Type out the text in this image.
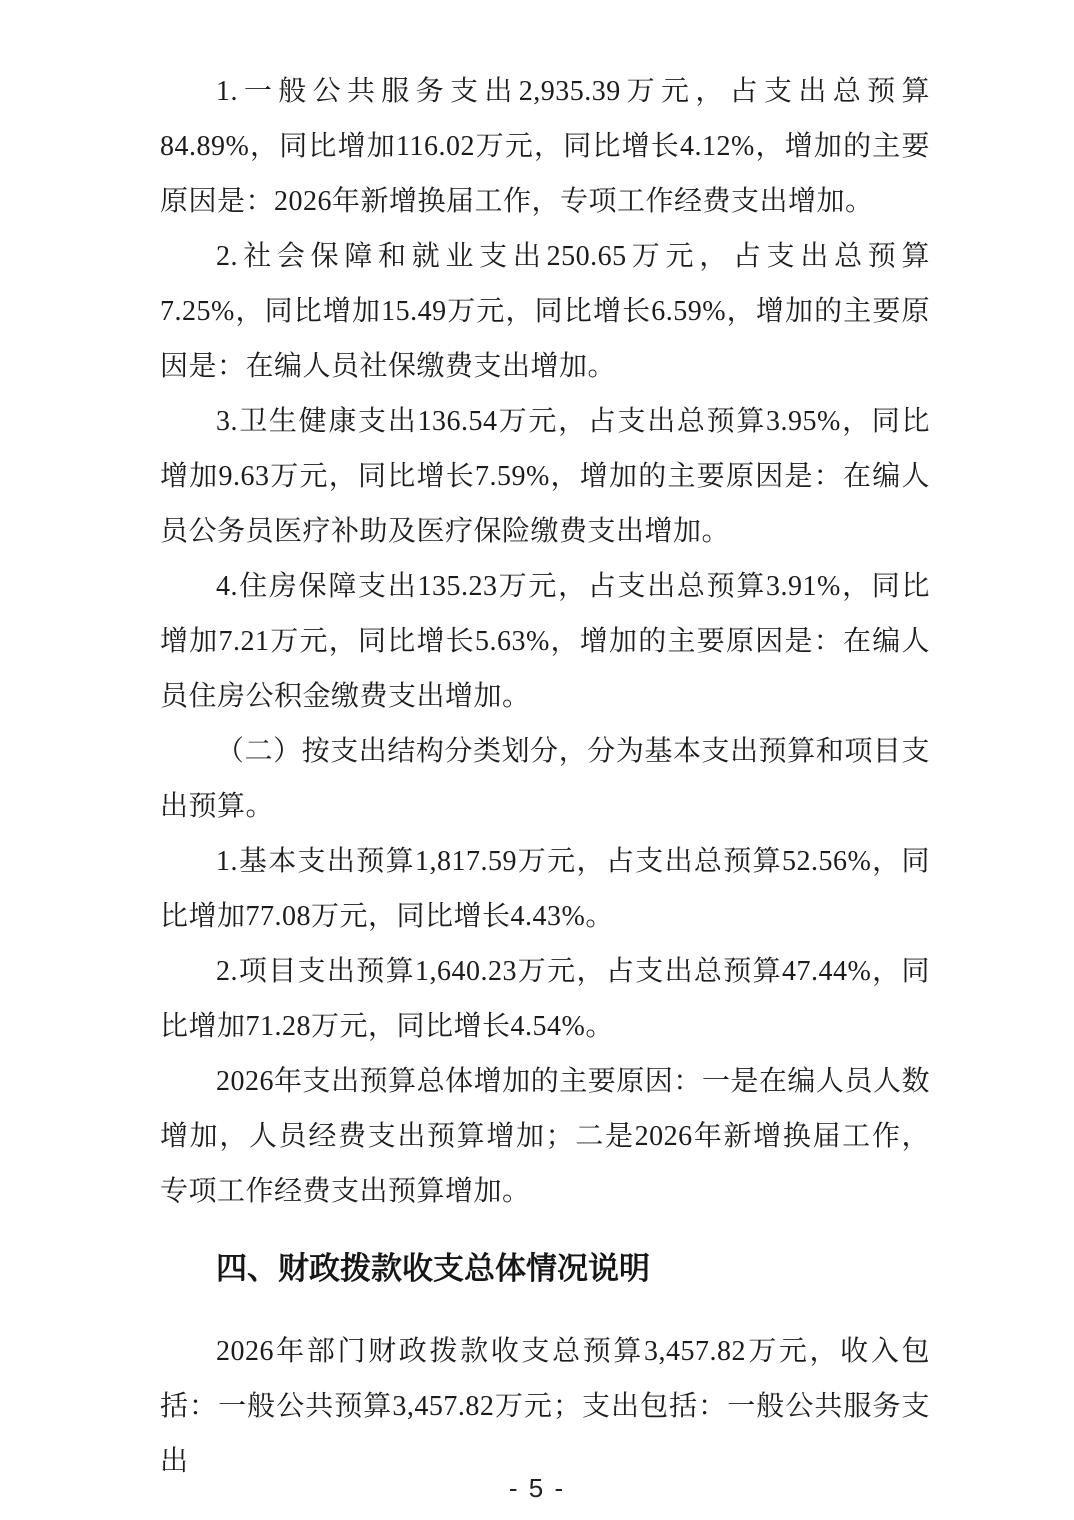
1.一般公共服务支出2,935.39万元，占支出总预算84.89%，同比增加116.02万元，同比增长4.12%，增加的主要原因是：2026年新增换届工作，专项工作经费支出增加。

2.社会保障和就业支出250.65万元，占支出总预算7.25%，同比增加15.49万元，同比增长6.59%，增加的主要原因是：在编人员社保缴费支出增加。

3.卫生健康支出136.54万元，占支出总预算3.95%，同比增加9.63万元，同比增长7.59%，增加的主要原因是：在编人员公务员医疗补助及医疗保险缴费支出增加。

4.住房保障支出135.23万元，占支出总预算3.91%，同比增加7.21万元，同比增长5.63%，增加的主要原因是：在编人员住房公积金缴费支出增加。

（二）按支出结构分类划分，分为基本支出预算和项目支出预算。

1.基本支出预算1,817.59万元，占支出总预算52.56%，同比增加77.08万元，同比增长4.43%。

2.项目支出预算1,640.23万元，占支出总预算47.44%，同比增加71.28万元，同比增长4.54%。

2026年支出预算总体增加的主要原因：一是在编人员人数增加，人员经费支出预算增加；二是2026年新增换届工作，专项工作经费支出预算增加。

四、财政拨款收支总体情况说明

2026年部门财政拨款收支总预算3,457.82万元，收入包括：一般公共预算3,457.82万元；支出包括：一般公共服务支出

- 5 -
